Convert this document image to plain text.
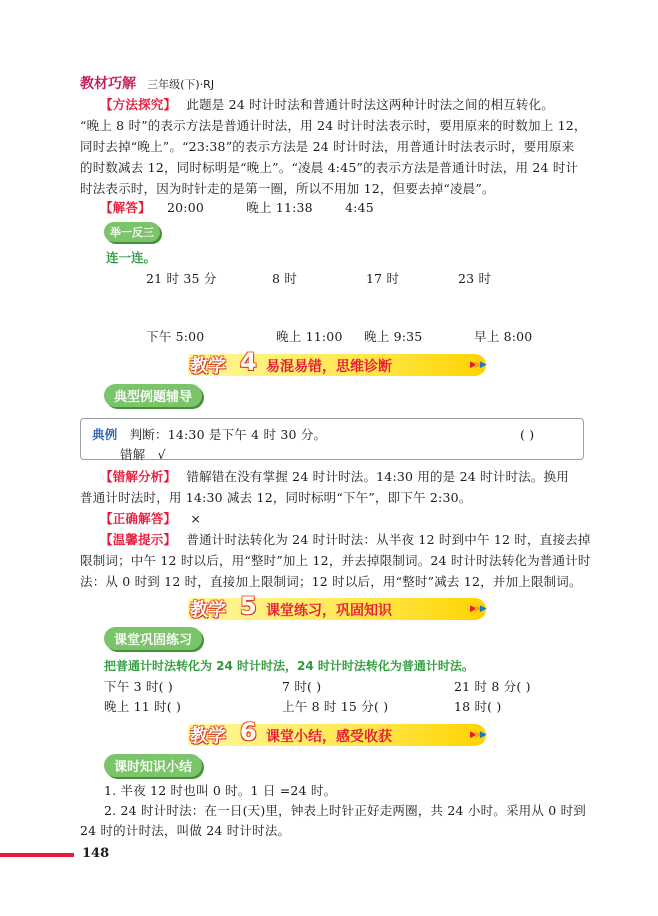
教材巧解 三年级(下)·RJ
【方法探究】 此题是 24 时计时法和普通计时法这两种计时法之间的相互转化。
“晚上 8 时”的表示方法是普通计时法，用 24 时计时法表示时，要用原来的时数加上 12，
同时去掉“晚上”。“23:38”的表示方法是 24 时计时法，用普通计时法表示时，要用原来
的时数减去 12，同时标明是“晚上”。“凌晨 4:45”的表示方法是普通计时法，用 24 时计
时法表示时，因为时针走的是第一圈，所以不用加 12，但要去掉“凌晨”。
【解答】 20:00	晚上 11:38	4:45
举一反三
连一连。
21 时 35 分	8 时	17 时	23 时
下午 5:00	晚上 11:00 晚上 9:35	早上 8:00
教学 4 易混易错，思维诊断	▶▶▶
典型例题辅导
典例 判断：14:30 是下午 4 时 30 分。	( )
错解 √
【错解分析】 错解错在没有掌握 24 时计时法。14:30 用的是 24 时计时法。换用
普通计时法时，用 14:30 减去 12，同时标明“下午”，即下午 2:30。
【正确解答】 ×
【温馨提示】 普通计时法转化为 24 时计时法：从半夜 12 时到中午 12 时，直接去掉
限制词；中午 12 时以后，用“整时”加上 12，并去掉限制词。24 时计时法转化为普通计时
法：从 0 时到 12 时，直接加上限制词；12 时以后，用“整时”减去 12，并加上限制词。
教学 5 课堂练习，巩固知识	▶▶▶
课堂巩固练习
把普通计时法转化为 24 时计时法，24 时计时法转化为普通计时法。
下午 3 时( )	7 时( )	21 时 8 分( )
晚上 11 时( )	上午 8 时 15 分( )	18 时( )
教学 6 课堂小结，感受收获	▶▶▶
课时知识小结
1. 半夜 12 时也叫 0 时。1 日 =24 时。
2. 24 时计时法：在一日(天)里，钟表上时针正好走两圈，共 24 小时。采用从 0 时到
24 时的计时法，叫做 24 时计时法。
148
